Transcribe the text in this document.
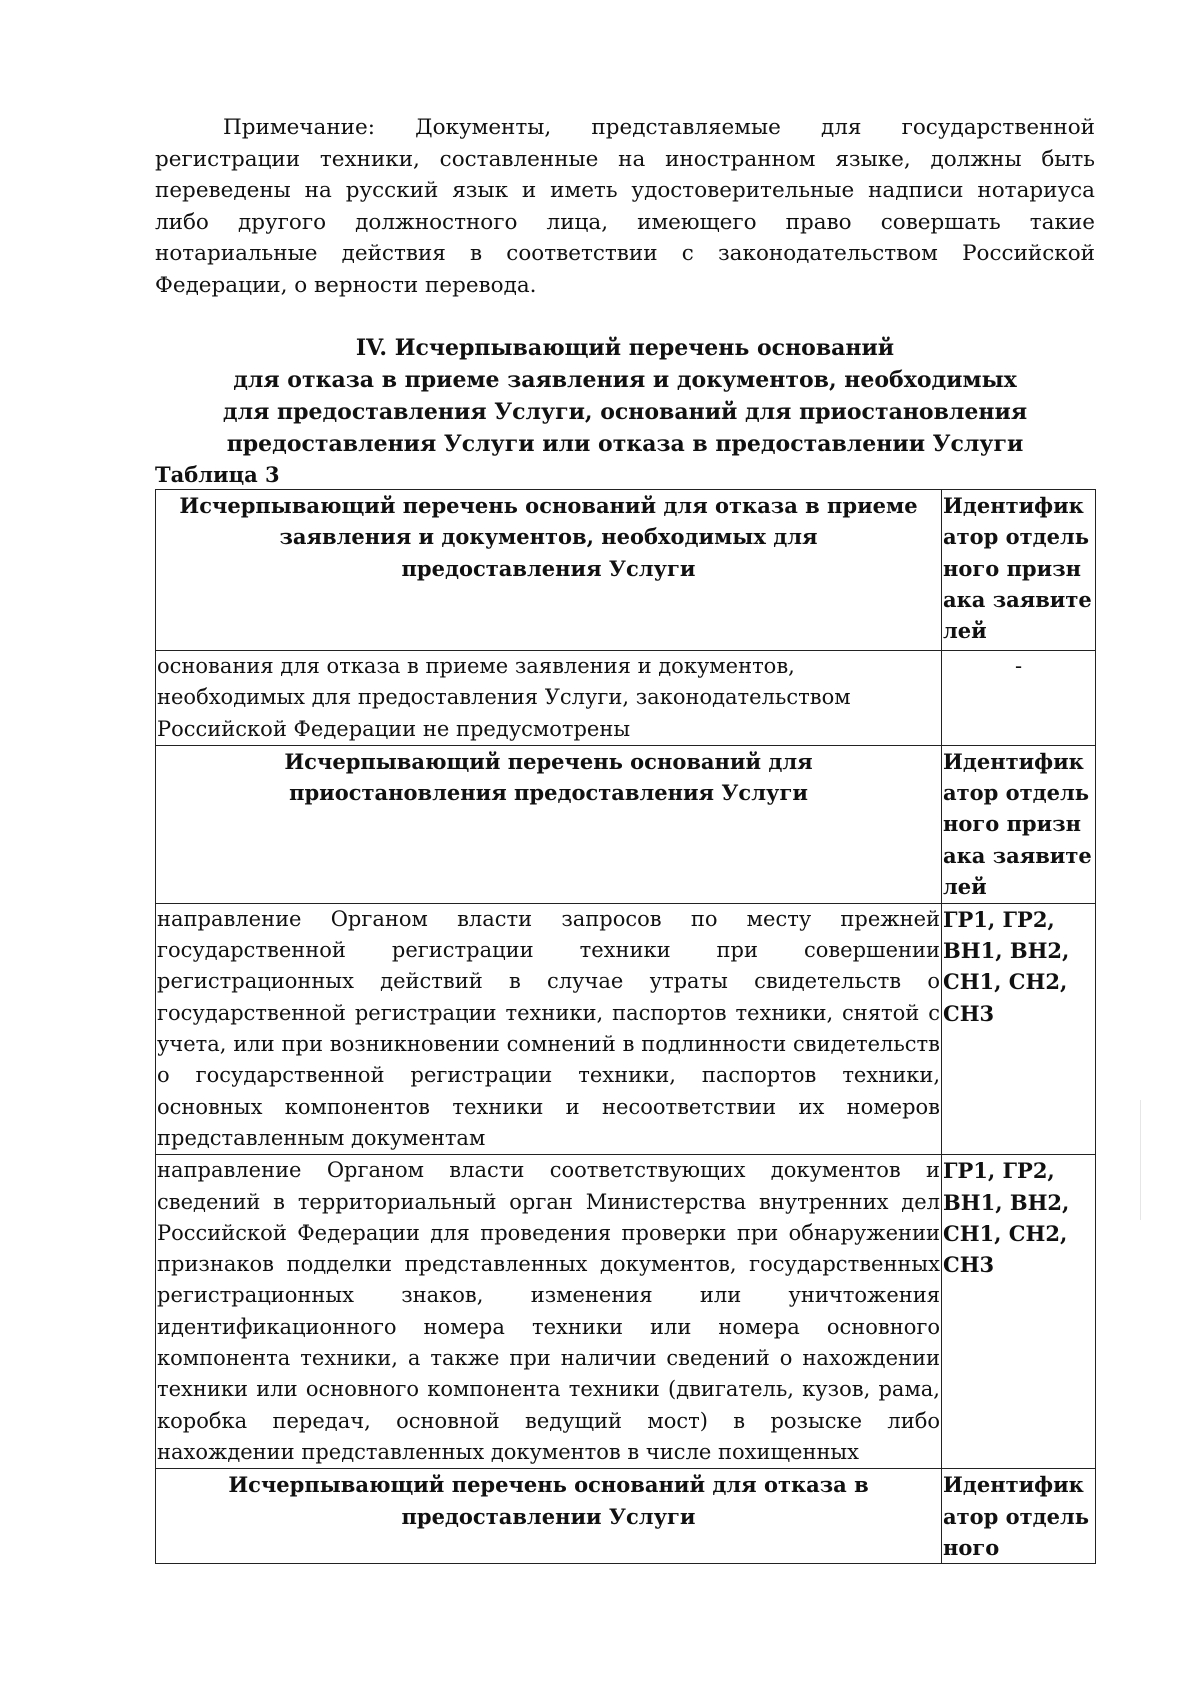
Примечание: Документы, представляемые для государственной регистрации техники, составленные на иностранном языке, должны быть переведены на русский язык и иметь удостоверительные надписи нотариуса либо другого должностного лица, имеющего право совершать такие нотариальные действия в соответствии с законодательством Российской Федерации, о верности перевода.

IV. Исчерпывающий перечень оснований
для отказа в приеме заявления и документов, необходимых
для предоставления Услуги, оснований для приостановления
предоставления Услуги или отказа в предоставлении Услуги
Таблица 3
Исчерпывающий перечень оснований для отказа в приеме заявления и документов, необходимых для предоставления Услуги	Идентификатор отдельного признака заявителей
основания для отказа в приеме заявления и документов, необходимых для предоставления Услуги, законодательством Российской Федерации не предусмотрены	-
Исчерпывающий перечень оснований для приостановления предоставления Услуги	Идентификатор отдельного признака заявителей
направление Органом власти запросов по месту прежней государственной регистрации техники при совершении регистрационных действий в случае утраты свидетельств о государственной регистрации техники, паспортов техники, снятой с учета, или при возникновении сомнений в подлинности свидетельств о государственной регистрации техники, паспортов техники, основных компонентов техники и несоответствии их номеров представленным документам	ГР1, ГР2, ВН1, ВН2, СН1, СН2, СН3
направление Органом власти соответствующих документов и сведений в территориальный орган Министерства внутренних дел Российской Федерации для проведения проверки при обнаружении признаков подделки представленных документов, государственных регистрационных знаков, изменения или уничтожения идентификационного номера техники или номера основного компонента техники, а также при наличии сведений о нахождении техники или основного компонента техники (двигатель, кузов, рама, коробка передач, основной ведущий мост) в розыске либо нахождении представленных документов в числе похищенных	ГР1, ГР2, ВН1, ВН2, СН1, СН2, СН3
Исчерпывающий перечень оснований для отказа в предоставлении Услуги	Идентификатор отдельного
